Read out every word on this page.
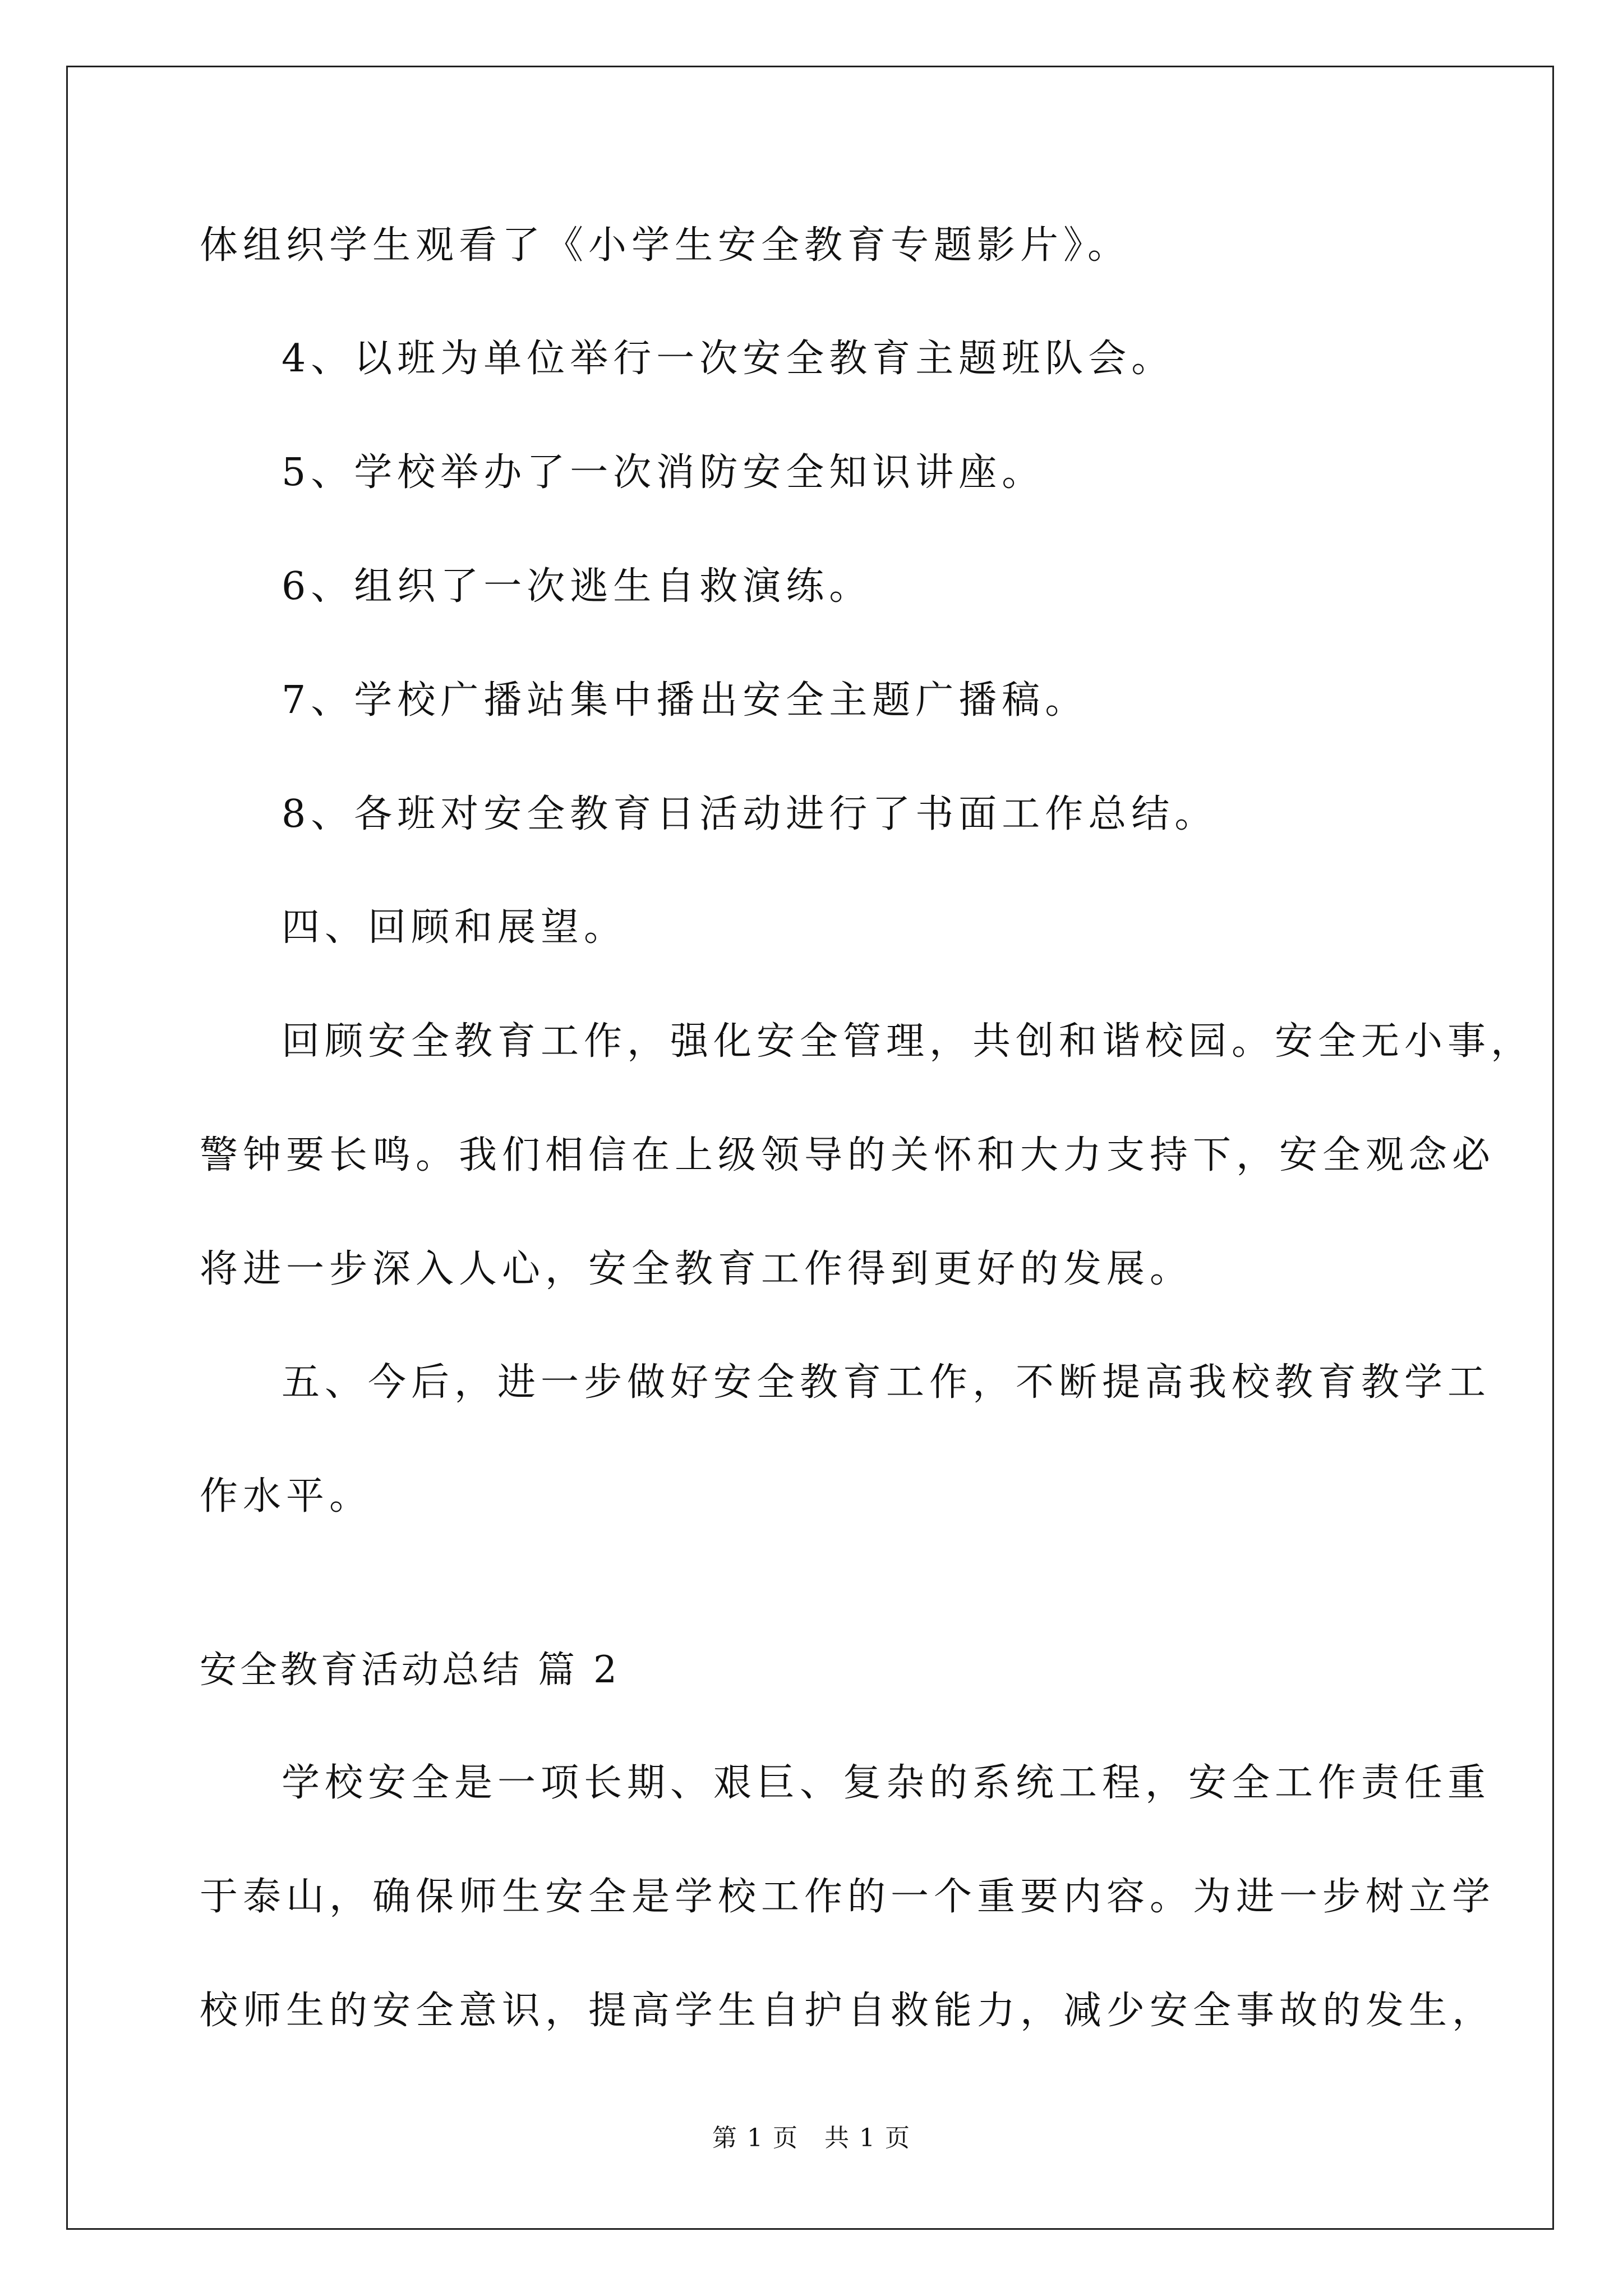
体组织学生观看了《小学生安全教育专题影片》。
4、以班为单位举行一次安全教育主题班队会。
5、学校举办了一次消防安全知识讲座。
6、组织了一次逃生自救演练。
7、学校广播站集中播出安全主题广播稿。
8、各班对安全教育日活动进行了书面工作总结。
四、回顾和展望。
回顾安全教育工作，强化安全管理，共创和谐校园。安全无小事，
警钟要长鸣。我们相信在上级领导的关怀和大力支持下，安全观念必
将进一步深入人心，安全教育工作得到更好的发展。
五、今后，进一步做好安全教育工作，不断提高我校教育教学工
作水平。
安全教育活动总结 篇 2
学校安全是一项长期、艰巨、复杂的系统工程，安全工作责任重
于泰山，确保师生安全是学校工作的一个重要内容。为进一步树立学
校师生的安全意识，提高学生自护自救能力，减少安全事故的发生，
第 1 页　共 1 页
